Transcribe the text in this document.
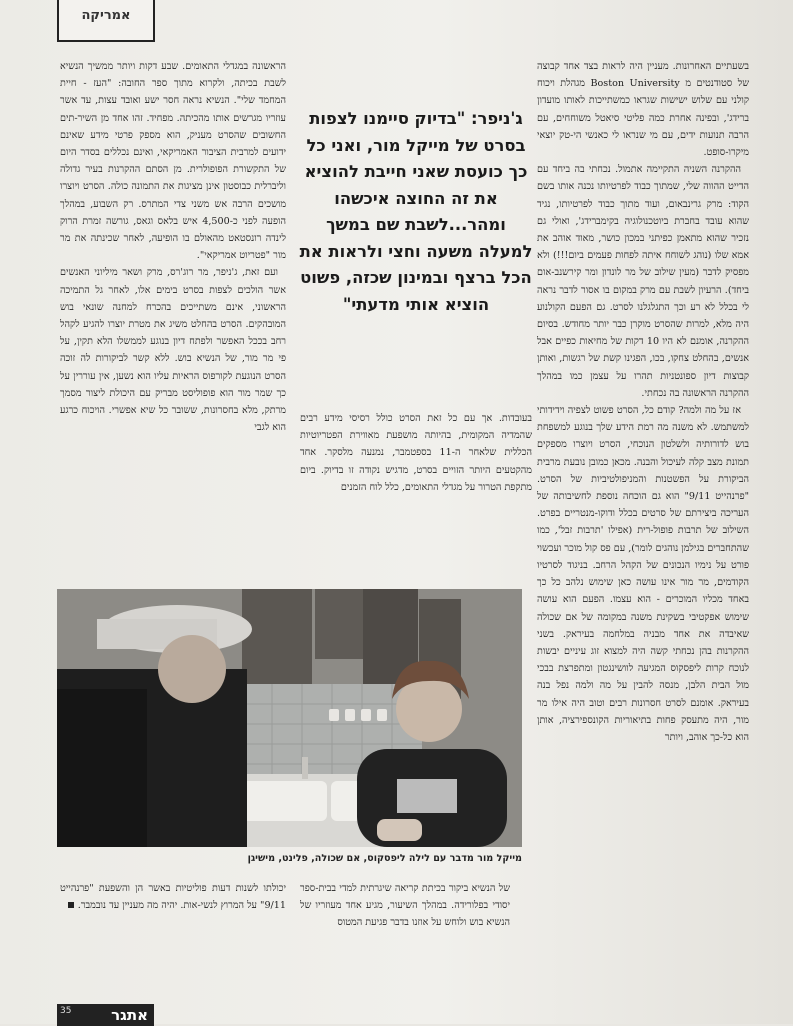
אמריקה

בשעתיים האחרונות. מעניין היה לראות בצד אחד קבוצה של סטודנטים מ Boston University מגהלת ויכוח קולני עם שלוש ישישות שגראו כמשתייכות לאותו מועדון ברידג', ובפינה אחרת כמה פליטי סיאטל משוחחים, עם הרבה תנועות ידים, עם מי שנראו לי כאנשי הי-טק יוצאי מיקרו-סופט.

ההקרנה השניה התקיימה אתמול. נכחתי בה ביחד עם הדייט ההווה שלי, שמתוך כבוד לפרטיותו נכנה אותו בשם הקוד: מרק גרינבאום, ועוד מתוך כבוד לפרטיותו, נגיד שהוא עובד בחברת ביוטכנולוגיה בקימברידג', ואולי גם נזכיר שהוא מתאמן כפיתני במכון כושר, מאוד אוהב את אמא שלו (נוהג לשוחח איתה לפחות פעמים ביום!!!) ולא מפסיק לדבר (מעין שילוב של מר לונדון ומר קירשנב-אום ביחד). הרעיון לשבת עם מרק במקום בו אסור לדבר נראה לי בכלל לא רע וכך התגלגלנו לסרט. גם הפעם הקולנוע היה מלא, למרות שהסרט מוקרן כבר יותר מחודש. בסיום ההקרנה, אומנם לא היו 10 דקות של מחיאות כפיים אבל אנשים, בהחלט צחקו, בכו, הפגינו קשת של רגשות, ואותן קבוצות דיון ספונטניות תהרו על עצמן כמו במהלך ההקרנה הראשונה בה נכחתי.

אז על מה ולמה? קודם כל, הסרט פשוט לצפיה וידידותי למשתמש. לא משנה מה רמת הידע שלך בנוגע למשפחת בוש לדורותיה ולשלטון הנוכחי, הסרט ויוצרו מספקים תמונת מצב קלה לעיכול והבנה. מכאן כמובן נובעת מרבית הביקורת על הפשטנות והמניפולטיביות של הסרט. "פרנהייט 9/11" הוא גם הוכחה נוספת לחשיבותה של העריכה ביצירתם של סרטים בכלל ודוקו-מנטריים בפרט. השילוב של תרבות פופול-רית (אפילו 'תרבות זבל', כמו שהתחברים בגילמן נוהגים לומר), עם פס קול מוכר ועכשוי פורט על נימיו הנכונים של הקהל הרחב. בניגוד לסרטיו הקודמים, מר מור אינו עושה כאן שימוש נלהב כל כך באחד מכליו המוכרים - הוא עצמו. הפעם הוא עושה שימוש אפקטיבי בשקינת משנה במקומה של אם שכולה שאיבדה את אחד מבניה במלחמה בעיראק. בשני ההקרנות בהן נכחתי קשה היה למצוא זוג עיניים יבשות לנוכח קרות ליפסקוס המגיעה לוושינגטון ומתפרצת בבכי מול הבית הלבן, מנסה להבין על מה ולמה נפל בנה בעיראק. אומנם לסרט חסרונות רבים וטוב היה אילו מר מור, היה מתעסק פחות בתיאוריות הקונספירציה, אותן הוא כל-כך אוהב, ויותר

ג'ניפר: "בדיוק סיימנו לצפות בסרט של מייקל מור, ואני כל כך כועסת שאני חייבת להוציא את זה החוצה איכשהו ומהר...לשבת שם במשך למעלה משעה וחצי ולראות את הכל ברצף ובמינון שכזה, פשוט הוציא אותי מדעתי"

בעובדות. אך עם כל זאת הסרט כולל רסיסי מידע רבים שהמדיה המקומית, בהיותה מושפעת מאווירת הפטריוטיות הכללית שלאחר ה-11 בספטמבר, נמנעה מלסקר. אחד מהקטעים היותר הזויים בסרט, מדגיש נקודה זו בדיוק. ביום מתקפת הטרור על מגדלי התאומים, כלל לוח הזמנים

הראשונה במגדלי התאומים. שבע דקות ויותר ממשיך הנשיא לשבת בכיתה, ולקרוא מתוך ספר החובה: "העז - חיית המחמד שלי". הנשיא נראה חסר ישע ואובד עצות, עד אשר עוזריו מגרשים אותו מהכיתה. מפחיד. זהו אחד מן השיר-תים החשובים שהסרט מעניק, הוא מספק פרטי מידע שאינם ידועים למרבית הציבור האמריקאי, ואינם נכללים בסדר היום של התקשורת הפופולרית. מן הסתם ההקרנות בעיר גדולה וליברלית כבוסטון אינן מציגות את התמונה כולה. הסרט ויוצרו מושכים הרבה אש משני צדי המתרס. רק השבוע, במהלך הופעה לפני כ-4,500 איש בלאס וגאס, גורשה זמרת הרוק לינדה רונסטאט מהאולם בו הופיעה, לאחר שכינתה את מר מור "פטריוט אמריקאי".

ועם זאת, ג'ניפר, מר רוג'רס, מרק ושאר מיליוני האנשים אשר הולכים לצפות בסרט בימים אלו, לאחר גל התמיכה הראשוני, אינם משתייכים בהכרח למחנה שונאי בוש המובהקים. הסרט בהחלט משיג את מטרת יוצרו להגיע לקהל רחב בככל האפשר ולפתח דיון בנוגע לממשלו הלא תקין, על פי מר מור, של הנשיא בוש. ללא קשר לביקורות לה זוכה הסרט הנוגעת לקורפוס הראיות עליו הוא נשען, אין עוררין על כך שמר מור הוא פופוליסט מבריק עם היכולת ליצור מסמך מרתק, מלא בחסרונות, ששובר כל שיא אפשרי. הויכוח כרגע הוא לגבי

מייקל מור מדבר עם לילה ליפסקוס, אם שכולה, פלינט, מישיגן

של הנשיא ביקור בכיתת קריאה שיגרתית למדי בבית-ספר יסודי בפלורידה. במהלך השיעור, מגיע אחד מעוזריו של הנשיא בוש ולוחש על אוזנו בדבר פגיעת המטוס

יכולתו לשנות דעות פוליטיות באשר הן והשפעת "פרנהייט 9/11" על המרוץ לנשי-אות. יהיה מה מעניין עד נובמבר.

אתגר
35
